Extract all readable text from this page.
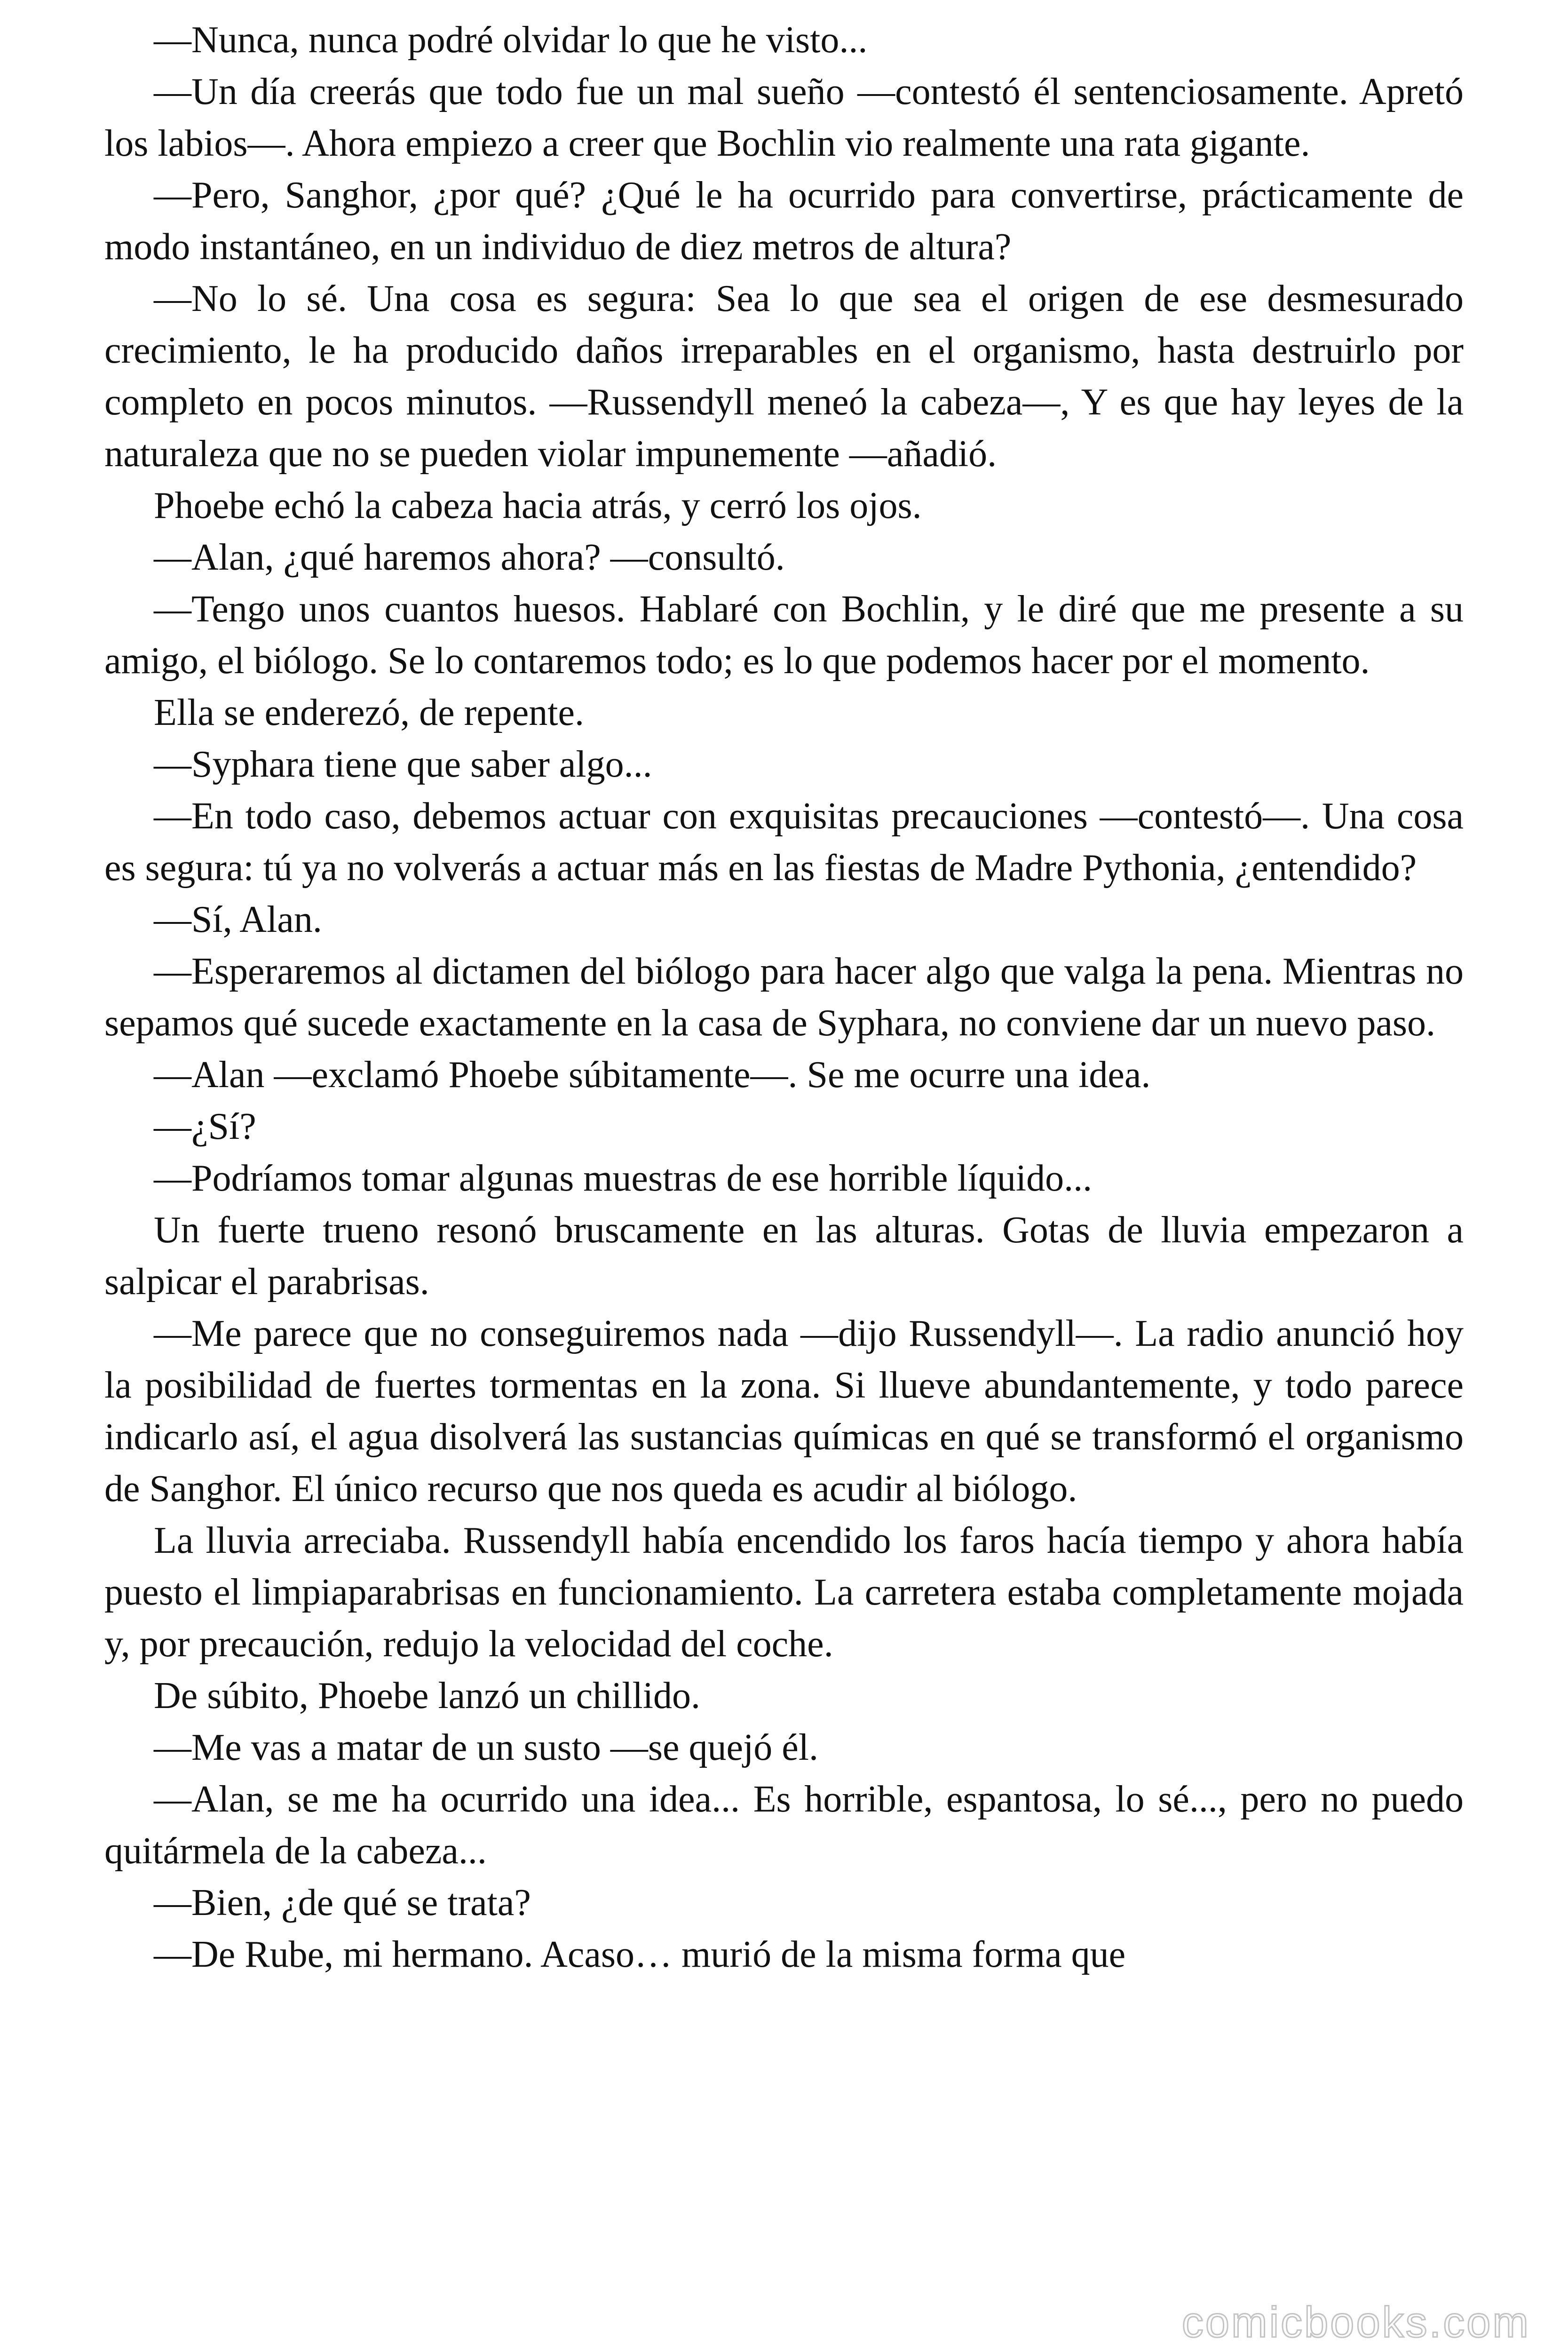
—Nunca, nunca podré olvidar lo que he visto...

—Un día creerás que todo fue un mal sueño —contestó él sentenciosamente. Apretó los labios—. Ahora empiezo a creer que Bochlin vio realmente una rata gigante.

—Pero, Sanghor, ¿por qué? ¿Qué le ha ocurrido para convertirse, prácticamente de modo instantáneo, en un individuo de diez metros de altura?

—No lo sé. Una cosa es segura: Sea lo que sea el origen de ese desmesurado crecimiento, le ha producido daños irreparables en el organismo, hasta destruirlo por completo en pocos minutos. —Russendyll meneó la cabeza—, Y es que hay leyes de la naturaleza que no se pueden violar impunemente —añadió.

Phoebe echó la cabeza hacia atrás, y cerró los ojos.

—Alan, ¿qué haremos ahora? —consultó.

—Tengo unos cuantos huesos. Hablaré con Bochlin, y le diré que me presente a su amigo, el biólogo. Se lo contaremos todo; es lo que podemos hacer por el momento.

Ella se enderezó, de repente.

—Syphara tiene que saber algo...

—En todo caso, debemos actuar con exquisitas precauciones —contestó—. Una cosa es segura: tú ya no volverás a actuar más en las fiestas de Madre Pythonia, ¿entendido?

—Sí, Alan.

—Esperaremos al dictamen del biólogo para hacer algo que valga la pena. Mientras no sepamos qué sucede exactamente en la casa de Syphara, no conviene dar un nuevo paso.

—Alan —exclamó Phoebe súbitamente—. Se me ocurre una idea.

—¿Sí?

—Podríamos tomar algunas muestras de ese horrible líquido...

Un fuerte trueno resonó bruscamente en las alturas. Gotas de lluvia empezaron a salpicar el parabrisas.

—Me parece que no conseguiremos nada —dijo Russendyll—. La radio anunció hoy la posibilidad de fuertes tormentas en la zona. Si llueve abundantemente, y todo parece indicarlo así, el agua disolverá las sustancias químicas en qué se transformó el organismo de Sanghor. El único recurso que nos queda es acudir al biólogo.

La lluvia arreciaba. Russendyll había encendido los faros hacía tiempo y ahora había puesto el limpiaparabrisas en funcionamiento. La carretera estaba completamente mojada y, por precaución, redujo la velocidad del coche.

De súbito, Phoebe lanzó un chillido.

—Me vas a matar de un susto —se quejó él.

—Alan, se me ha ocurrido una idea... Es horrible, espantosa, lo sé..., pero no puedo quitármela de la cabeza...

—Bien, ¿de qué se trata?

—De Rube, mi hermano. Acaso… murió de la misma forma que

comicbooks.com
